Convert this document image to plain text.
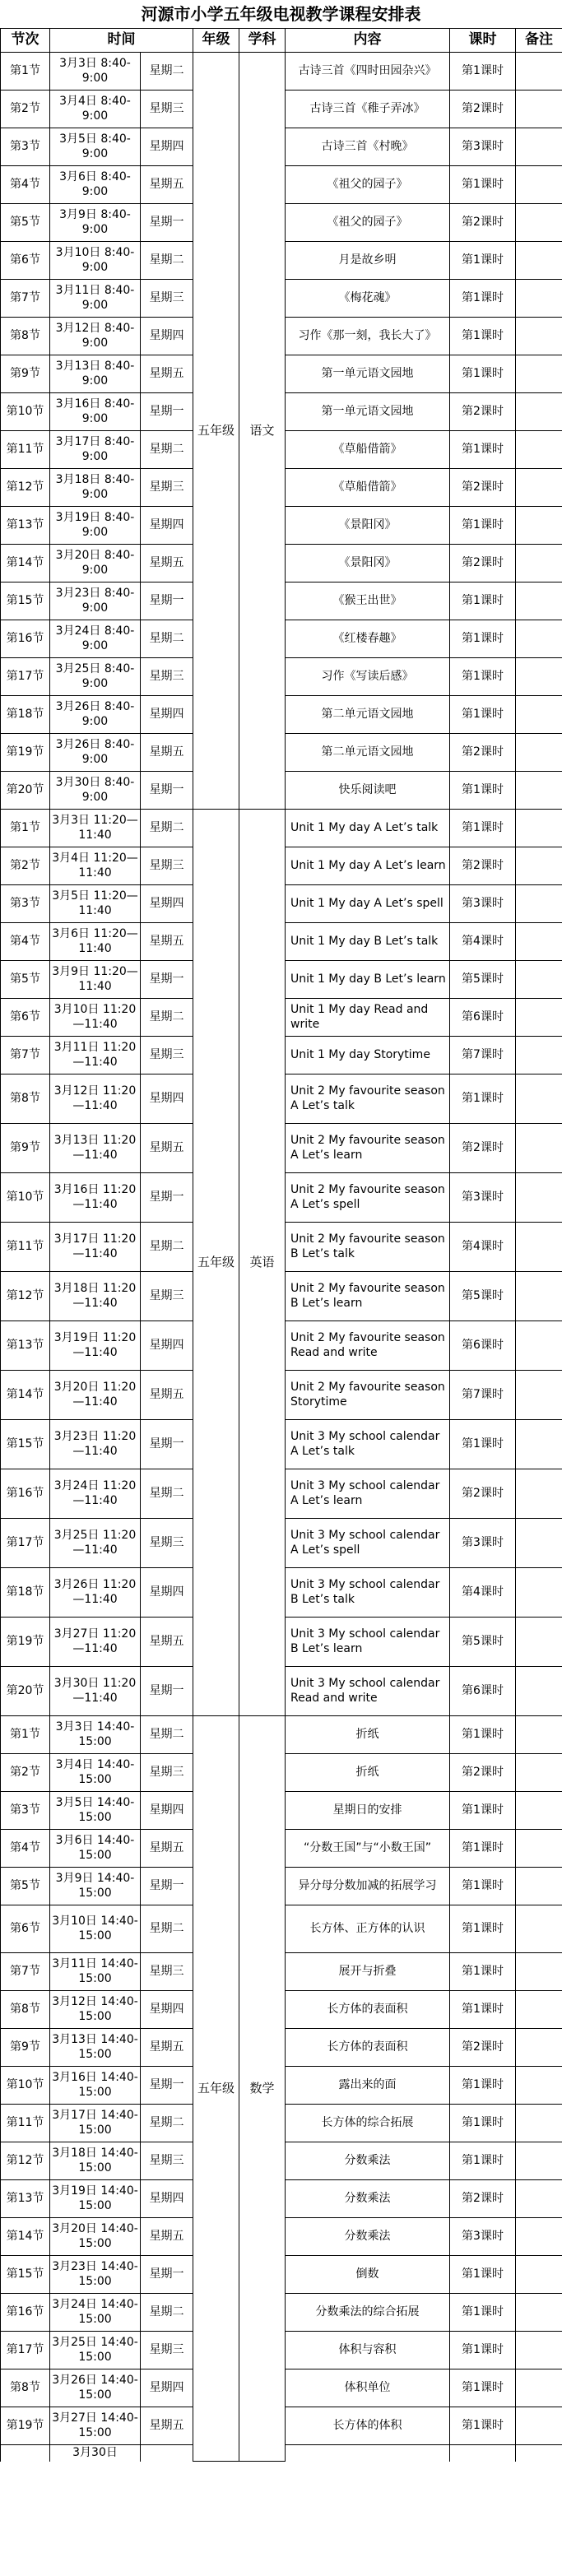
河源市小学五年级电视教学课程安排表
节次	时间		年级	学科	内容	课时	备注
第1节	3月3日 8:40-9:00	星期二	五年级	语文	古诗三首《四时田园杂兴》	第1课时	
第2节	3月4日 8:40-9:00	星期三			古诗三首《稚子弄冰》	第2课时	
第3节	3月5日 8:40-9:00	星期四			古诗三首《村晚》	第3课时	
第4节	3月6日 8:40-9:00	星期五			《祖父的园子》	第1课时	
第5节	3月9日 8:40-9:00	星期一			《祖父的园子》	第2课时	
第6节	3月10日 8:40-9:00	星期二			月是故乡明	第1课时	
第7节	3月11日 8:40-9:00	星期三			《梅花魂》	第1课时	
第8节	3月12日 8:40-9:00	星期四			习作《那一刻，我长大了》	第1课时	
第9节	3月13日 8:40-9:00	星期五			第一单元语文园地	第1课时	
第10节	3月16日 8:40-9:00	星期一			第一单元语文园地	第2课时	
第11节	3月17日 8:40-9:00	星期二			《草船借箭》	第1课时	
第12节	3月18日 8:40-9:00	星期三			《草船借箭》	第2课时	
第13节	3月19日 8:40-9:00	星期四			《景阳冈》	第1课时	
第14节	3月20日 8:40-9:00	星期五			《景阳冈》	第2课时	
第15节	3月23日 8:40-9:00	星期一			《猴王出世》	第1课时	
第16节	3月24日 8:40-9:00	星期二			《红楼春趣》	第1课时	
第17节	3月25日 8:40-9:00	星期三			习作《写读后感》	第1课时	
第18节	3月26日 8:40-9:00	星期四			第二单元语文园地	第1课时	
第19节	3月26日 8:40-9:00	星期五			第二单元语文园地	第2课时	
第20节	3月30日 8:40-9:00	星期一			快乐阅读吧	第1课时	
第1节	3月3日 11:20—11:40	星期二	五年级	英语	Unit 1 My day A Let’s talk	第1课时	
第2节	3月4日 11:20—11:40	星期三			Unit 1 My day A Let’s learn	第2课时	
第3节	3月5日 11:20—11:40	星期四			Unit 1 My day A Let’s spell	第3课时	
第4节	3月6日 11:20—11:40	星期五			Unit 1 My day B Let’s talk	第4课时	
第5节	3月9日 11:20—11:40	星期一			Unit 1 My day B Let’s learn	第5课时	
第6节	3月10日 11:20—11:40	星期二			Unit 1 My day Read and write	第6课时	
第7节	3月11日 11:20—11:40	星期三			Unit 1 My day Storytime	第7课时	
第8节	3月12日 11:20—11:40	星期四			Unit 2 My favourite season A Let’s talk	第1课时	
第9节	3月13日 11:20—11:40	星期五			Unit 2 My favourite season A Let’s learn	第2课时	
第10节	3月16日 11:20—11:40	星期一			Unit 2 My favourite season A Let’s spell	第3课时	
第11节	3月17日 11:20—11:40	星期二			Unit 2 My favourite season B Let’s talk	第4课时	
第12节	3月18日 11:20—11:40	星期三			Unit 2 My favourite season B Let’s learn	第5课时	
第13节	3月19日 11:20—11:40	星期四			Unit 2 My favourite season Read and write	第6课时	
第14节	3月20日 11:20—11:40	星期五			Unit 2 My favourite season Storytime	第7课时	
第15节	3月23日 11:20—11:40	星期一			Unit 3 My school calendar A Let’s talk	第1课时	
第16节	3月24日 11:20—11:40	星期二			Unit 3 My school calendar A Let’s learn	第2课时	
第17节	3月25日 11:20—11:40	星期三			Unit 3 My school calendar A Let’s spell	第3课时	
第18节	3月26日 11:20—11:40	星期四			Unit 3 My school calendar B Let’s talk	第4课时	
第19节	3月27日 11:20—11:40	星期五			Unit 3 My school calendar B Let’s learn	第5课时	
第20节	3月30日 11:20—11:40	星期一			Unit 3 My school calendar Read and write	第6课时	
第1节	3月3日 14:40-15:00	星期二	五年级	数学	折纸	第1课时	
第2节	3月4日 14:40-15:00	星期三			折纸	第2课时	
第3节	3月5日 14:40-15:00	星期四			星期日的安排	第1课时	
第4节	3月6日 14:40-15:00	星期五			“分数王国”与“小数王国”	第1课时	
第5节	3月9日 14:40-15:00	星期一			异分母分数加减的拓展学习	第1课时	
第6节	3月10日 14:40-15:00	星期二			长方体、正方体的认识	第1课时	
第7节	3月11日 14:40-15:00	星期三			展开与折叠	第1课时	
第8节	3月12日 14:40-15:00	星期四			长方体的表面积	第1课时	
第9节	3月13日 14:40-15:00	星期五			长方体的表面积	第2课时	
第10节	3月16日 14:40-15:00	星期一			露出来的面	第1课时	
第11节	3月17日 14:40-15:00	星期二			长方体的综合拓展	第1课时	
第12节	3月18日 14:40-15:00	星期三			分数乘法	第1课时	
第13节	3月19日 14:40-15:00	星期四			分数乘法	第2课时	
第14节	3月20日 14:40-15:00	星期五			分数乘法	第3课时	
第15节	3月23日 14:40-15:00	星期一			倒数	第1课时	
第16节	3月24日 14:40-15:00	星期二			分数乘法的综合拓展	第1课时	
第17节	3月25日 14:40-15:00	星期三			体积与容积	第1课时	
第8节	3月26日 14:40-15:00	星期四			体积单位	第1课时	
第19节	3月27日 14:40-15:00	星期五			长方体的体积	第1课时	
	3月30日						
